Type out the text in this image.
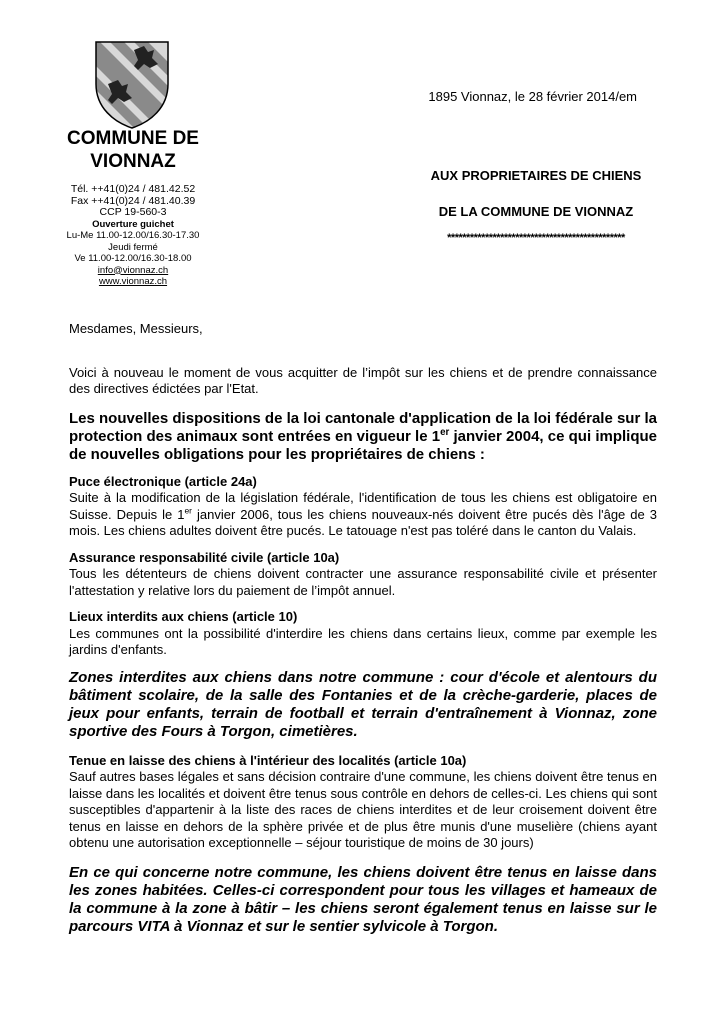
COMMUNE DE
VIONNAZ
Tél. ++41(0)24 / 481.42.52
Fax ++41(0)24 / 481.40.39
CCP 19-560-3
Ouverture guichet
Lu-Me 11.00-12.00/16.30-17.30
Jeudi fermé
Ve 11.00-12.00/16.30-18.00
info@vionnaz.ch
www.vionnaz.ch
1895 Vionnaz, le 28 février 2014/em
AUX PROPRIETAIRES DE CHIENS
DE LA COMMUNE DE VIONNAZ
***********************************************

Mesdames, Messieurs,

Voici à nouveau le moment de vous acquitter de l’impôt sur les chiens et de prendre connaissance des directives édictées par l'Etat.

Les nouvelles dispositions de la loi cantonale d'application de la loi fédérale sur la protection des animaux sont entrées en vigueur le 1er janvier 2004, ce qui implique de nouvelles obligations pour les propriétaires de chiens :

Puce électronique (article 24a)

Suite à la modification de la législation fédérale, l'identification de tous les chiens est obligatoire en Suisse. Depuis le 1er janvier 2006, tous les chiens nouveaux-nés doivent être pucés dès l'âge de 3 mois. Les chiens adultes doivent être pucés. Le tatouage n'est pas toléré dans le canton du Valais.

Assurance responsabilité civile (article 10a)

Tous les détenteurs de chiens doivent contracter une assurance responsabilité civile et présenter l'attestation y relative lors du paiement de l’impôt annuel.

Lieux interdits aux chiens (article 10)

Les communes ont la possibilité d'interdire les chiens dans certains lieux, comme par exemple les jardins d'enfants.

Zones interdites aux chiens dans notre commune : cour d'école et alentours du bâtiment scolaire, de la salle des Fontanies et de la crèche-garderie, places de jeux pour enfants, terrain de football et terrain d'entraînement à Vionnaz, zone sportive des Fours à Torgon, cimetières.

Tenue en laisse des chiens à l'intérieur des localités (article 10a)

Sauf autres bases légales et sans décision contraire d'une commune, les chiens doivent être tenus en laisse dans les localités et doivent être tenus sous contrôle en dehors de celles-ci. Les chiens qui sont susceptibles d'appartenir à la liste des races de chiens interdites et de leur croisement doivent être tenus en laisse en dehors de la sphère privée et de plus être munis d'une muselière (chiens ayant obtenu une autorisation exceptionnelle – séjour touristique de moins de 30 jours)

En ce qui concerne notre commune, les chiens doivent être tenus en laisse dans les zones habitées. Celles-ci correspondent pour tous les villages et hameaux de la commune à la zone à bâtir – les chiens seront également tenus en laisse sur le parcours VITA à Vionnaz et sur le sentier sylvicole à Torgon.
